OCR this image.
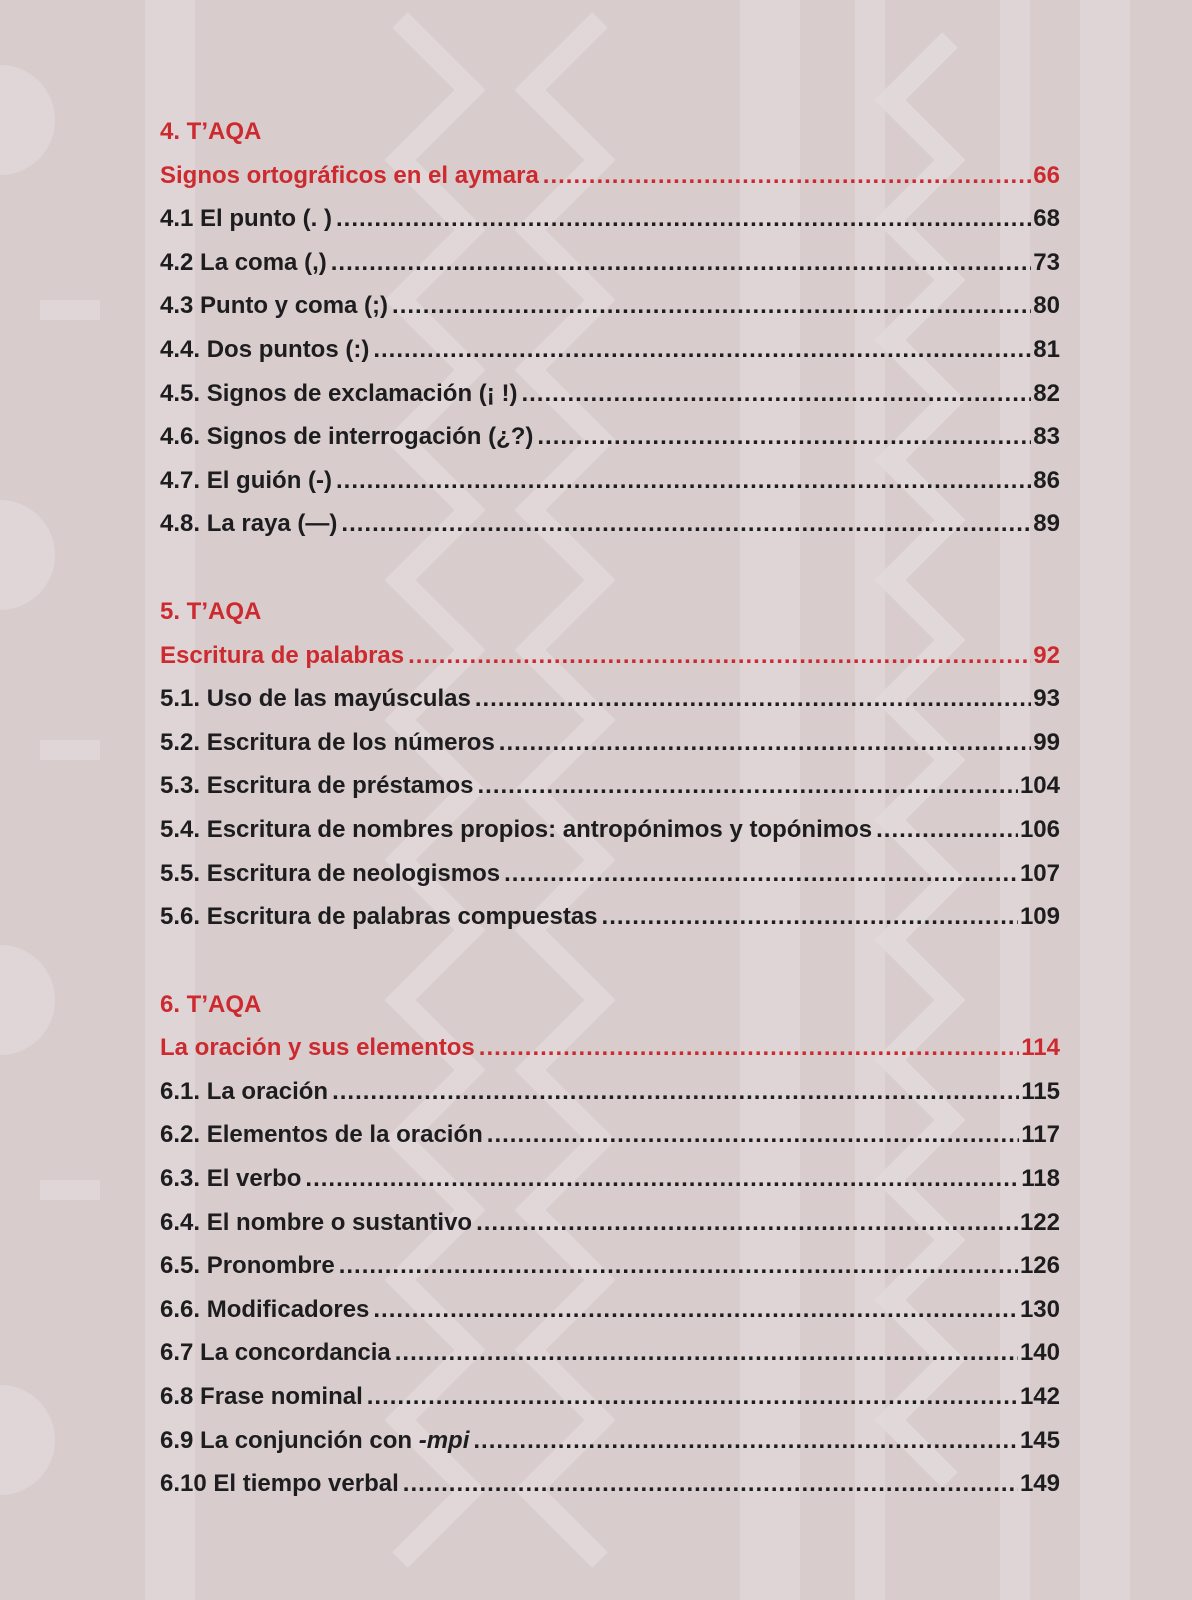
4. T’AQA
Signos ortográficos en el aymara .....	66
4.1 El punto (. ) .....	68
4.2 La coma (,) .....	73
4.3 Punto y coma (;) .....	80
4.4. Dos puntos (:) .....	81
4.5. Signos de exclamación (¡ !) .....	82
4.6. Signos de interrogación (¿?) .....	83
4.7. El guión (-) .....	86
4.8. La raya (—) .....	89
5. T’AQA
Escritura de palabras .....	92
5.1. Uso de las mayúsculas .....	93
5.2. Escritura de los números .....	99
5.3. Escritura de préstamos .....	104
5.4. Escritura de nombres propios: antropónimos y topónimos .....	106
5.5. Escritura de neologismos .....	107
5.6. Escritura de palabras compuestas .....	109
6. T’AQA
La oración y sus elementos .....	114
6.1. La oración .....	115
6.2. Elementos de la oración .....	117
6.3. El verbo .....	118
6.4. El nombre o sustantivo .....	122
6.5. Pronombre .....	126
6.6. Modificadores .....	130
6.7 La concordancia .....	140
6.8 Frase nominal .....	142
6.9 La conjunción con -mpi .....	145
6.10 El tiempo verbal .....	149
